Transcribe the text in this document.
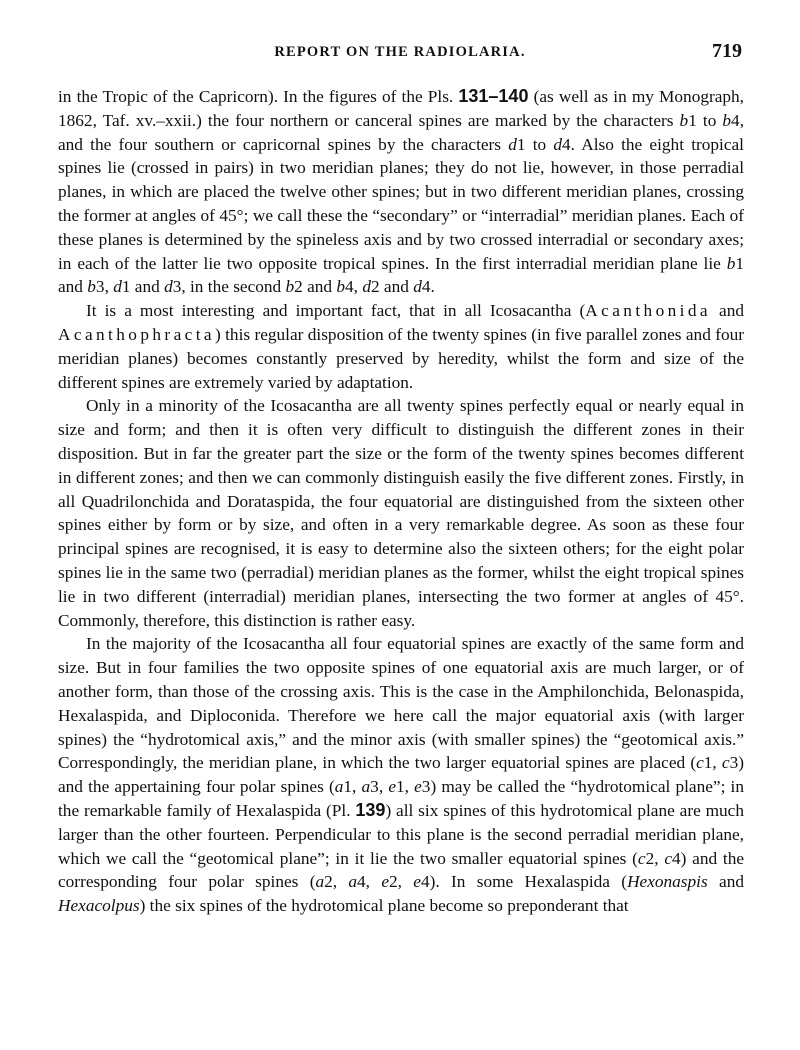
REPORT ON THE RADIOLARIA.	719

in the Tropic of the Capricorn). In the figures of the Pls. 131–140 (as well as in my Monograph, 1862, Taf. xv.–xxii.) the four northern or canceral spines are marked by the characters b1 to b4, and the four southern or capricornal spines by the characters d1 to d4. Also the eight tropical spines lie (crossed in pairs) in two meridian planes; they do not lie, however, in those perradial planes, in which are placed the twelve other spines; but in two different meridian planes, crossing the former at angles of 45°; we call these the “secondary” or “interradial” meridian planes. Each of these planes is determined by the spineless axis and by two crossed interradial or secondary axes; in each of the latter lie two opposite tropical spines. In the first interradial meridian plane lie b1 and b3, d1 and d3, in the second b2 and b4, d2 and d4.

It is a most interesting and important fact, that in all Icosacantha (Acanthonida and Acanthophracta) this regular disposition of the twenty spines (in five parallel zones and four meridian planes) becomes constantly preserved by heredity, whilst the form and size of the different spines are extremely varied by adaptation.

Only in a minority of the Icosacantha are all twenty spines perfectly equal or nearly equal in size and form; and then it is often very difficult to distinguish the different zones in their disposition. But in far the greater part the size or the form of the twenty spines becomes different in different zones; and then we can commonly distinguish easily the five different zones. Firstly, in all Quadrilonchida and Dorataspida, the four equatorial are distinguished from the sixteen other spines either by form or by size, and often in a very remarkable degree. As soon as these four principal spines are recognised, it is easy to determine also the sixteen others; for the eight polar spines lie in the same two (perradial) meridian planes as the former, whilst the eight tropical spines lie in two different (interradial) meridian planes, intersecting the two former at angles of 45°. Commonly, therefore, this distinction is rather easy.

In the majority of the Icosacantha all four equatorial spines are exactly of the same form and size. But in four families the two opposite spines of one equatorial axis are much larger, or of another form, than those of the crossing axis. This is the case in the Amphilonchida, Belonaspida, Hexalaspida, and Diploconida. Therefore we here call the major equatorial axis (with larger spines) the “hydrotomical axis,” and the minor axis (with smaller spines) the “geotomical axis.” Correspondingly, the meridian plane, in which the two larger equatorial spines are placed (c1, c3) and the appertaining four polar spines (a1, a3, e1, e3) may be called the “hydrotomical plane”; in the remarkable family of Hexalaspida (Pl. 139) all six spines of this hydrotomical plane are much larger than the other fourteen. Perpendicular to this plane is the second perradial meridian plane, which we call the “geotomical plane”; in it lie the two smaller equatorial spines (c2, c4) and the corresponding four polar spines (a2, a4, e2, e4). In some Hexalaspida (Hexonaspis and Hexacolpus) the six spines of the hydrotomical plane become so preponderant that
